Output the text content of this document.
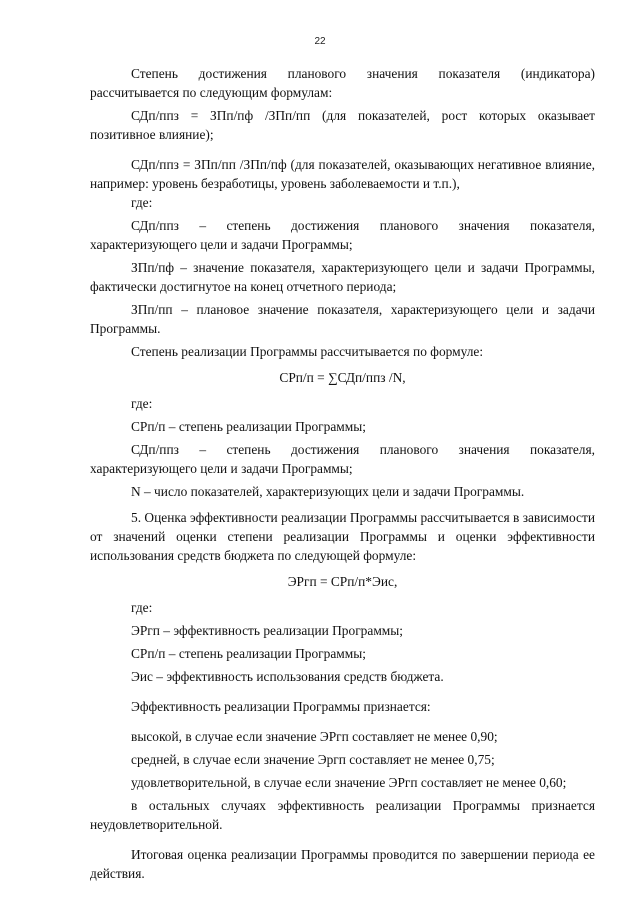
22

Степень достижения планового значения показателя (индикатора) рассчитывается по следующим формулам:

СДп/ппз = ЗПп/пф /ЗПп/пп (для показателей, рост которых оказывает позитивное влияние);

СДп/ппз = ЗПп/пп /ЗПп/пф (для показателей, оказывающих негативное влияние, например: уровень безработицы, уровень заболеваемости и т.п.),

где:

СДп/ппз – степень достижения планового значения показателя, характеризующего цели и задачи Программы;

ЗПп/пф – значение показателя, характеризующего цели и задачи Программы, фактически достигнутое на конец отчетного периода;

ЗПп/пп – плановое значение показателя, характеризующего цели и задачи Программы.

Степень реализации Программы рассчитывается по формуле:

СРп/п = ∑СДп/ппз /N,

где:

СРп/п – степень реализации Программы;

СДп/ппз – степень достижения планового значения показателя, характеризующего цели и задачи Программы;

N – число показателей, характеризующих цели и задачи Программы.

5. Оценка эффективности реализации Программы рассчитывается в зависимости от значений оценки степени реализации Программы и оценки эффективности использования средств бюджета по следующей формуле:

ЭРгп = СРп/п*Эис,

где:

ЭРгп – эффективность реализации Программы;

СРп/п – степень реализации Программы;

Эис – эффективность использования средств бюджета.

Эффективность реализации Программы признается:

высокой, в случае если значение ЭРгп составляет не менее 0,90;

средней, в случае если значение Эргп составляет не менее 0,75;

удовлетворительной, в случае если значение ЭРгп составляет не менее 0,60;

в остальных случаях эффективность реализации Программы признается неудовлетворительной.

Итоговая оценка реализации Программы проводится по завершении периода ее действия.
